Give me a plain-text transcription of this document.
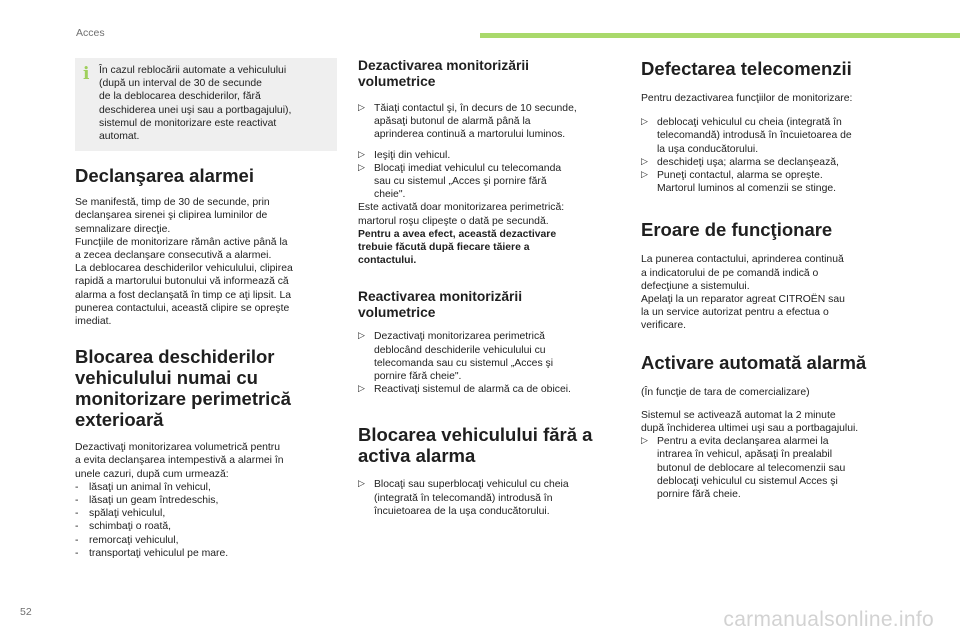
Acces
i În cazul reblocării automate a vehiculului
(după un interval de 30 de secunde
de la deblocarea deschiderilor, fără
deschiderea unei uşi sau a portbagajului),
sistemul de monitorizare este reactivat
automat.
Declanşarea alarmei
Se manifestă, timp de 30 de secunde, prin
declanşarea sirenei şi clipirea luminilor de
semnalizare direcţie.
Funcţiile de monitorizare rămân active până la
a zecea declanşare consecutivă a alarmei.
La deblocarea deschiderilor vehiculului, clipirea
rapidă a martorului butonului vă informează că
alarma a fost declanşată în timp ce aţi lipsit. La
punerea contactului, această clipire se opreşte
imediat.
Blocarea deschiderilor
vehiculului numai cu
monitorizare perimetrică
exterioară
Dezactivaţi monitorizarea volumetrică pentru
a evita declanşarea intempestivă a alarmei în
unele cazuri, după cum urmează:
- lăsaţi un animal în vehicul,
- lăsaţi un geam întredeschis,
- spălaţi vehiculul,
- schimbaţi o roată,
- remorcaţi vehiculul,
- transportaţi vehiculul pe mare.
Dezactivarea monitorizării
volumetrice
▷ Tăiaţi contactul şi, în decurs de 10 secunde,
apăsaţi butonul de alarmă până la
aprinderea continuă a martorului luminos.
▷ Ieşiţi din vehicul.
▷ Blocaţi imediat vehiculul cu telecomanda
sau cu sistemul „Acces şi pornire fără
cheie".
Este activată doar monitorizarea perimetrică:
martorul roşu clipeşte o dată pe secundă.
Pentru a avea efect, această dezactivare
trebuie făcută după fiecare tăiere a
contactului.
Reactivarea monitorizării
volumetrice
▷ Dezactivaţi monitorizarea perimetrică
deblocând deschiderile vehiculului cu
telecomanda sau cu sistemul „Acces şi
pornire fără cheie".
▷ Reactivaţi sistemul de alarmă ca de obicei.
Blocarea vehiculului fără a
activa alarma
▷ Blocaţi sau superblocaţi vehiculul cu cheia
(integrată în telecomandă) introdusă în
încuietoarea de la uşa conducătorului.
Defectarea telecomenzii
Pentru dezactivarea funcţiilor de monitorizare:
▷ deblocaţi vehiculul cu cheia (integrată în
telecomandă) introdusă în încuietoarea de
la uşa conducătorului.
▷ deschideţi uşa; alarma se declanşează,
▷ Puneţi contactul, alarma se opreşte.
Martorul luminos al comenzii se stinge.
Eroare de funcţionare
La punerea contactului, aprinderea continuă
a indicatorului de pe comandă indică o
defecţiune a sistemului.
Apelaţi la un reparator agreat CITROËN sau
la un service autorizat pentru a efectua o
verificare.
Activare automată alarmă
(În funcţie de tara de comercializare)
Sistemul se activează automat la 2 minute
după închiderea ultimei uşi sau a portbagajului.
▷ Pentru a evita declanşarea alarmei la
intrarea în vehicul, apăsaţi în prealabil
butonul de deblocare al telecomenzii sau
deblocaţi vehiculul cu sistemul Acces şi
pornire fără cheie.
52	carmanualsonline.info
